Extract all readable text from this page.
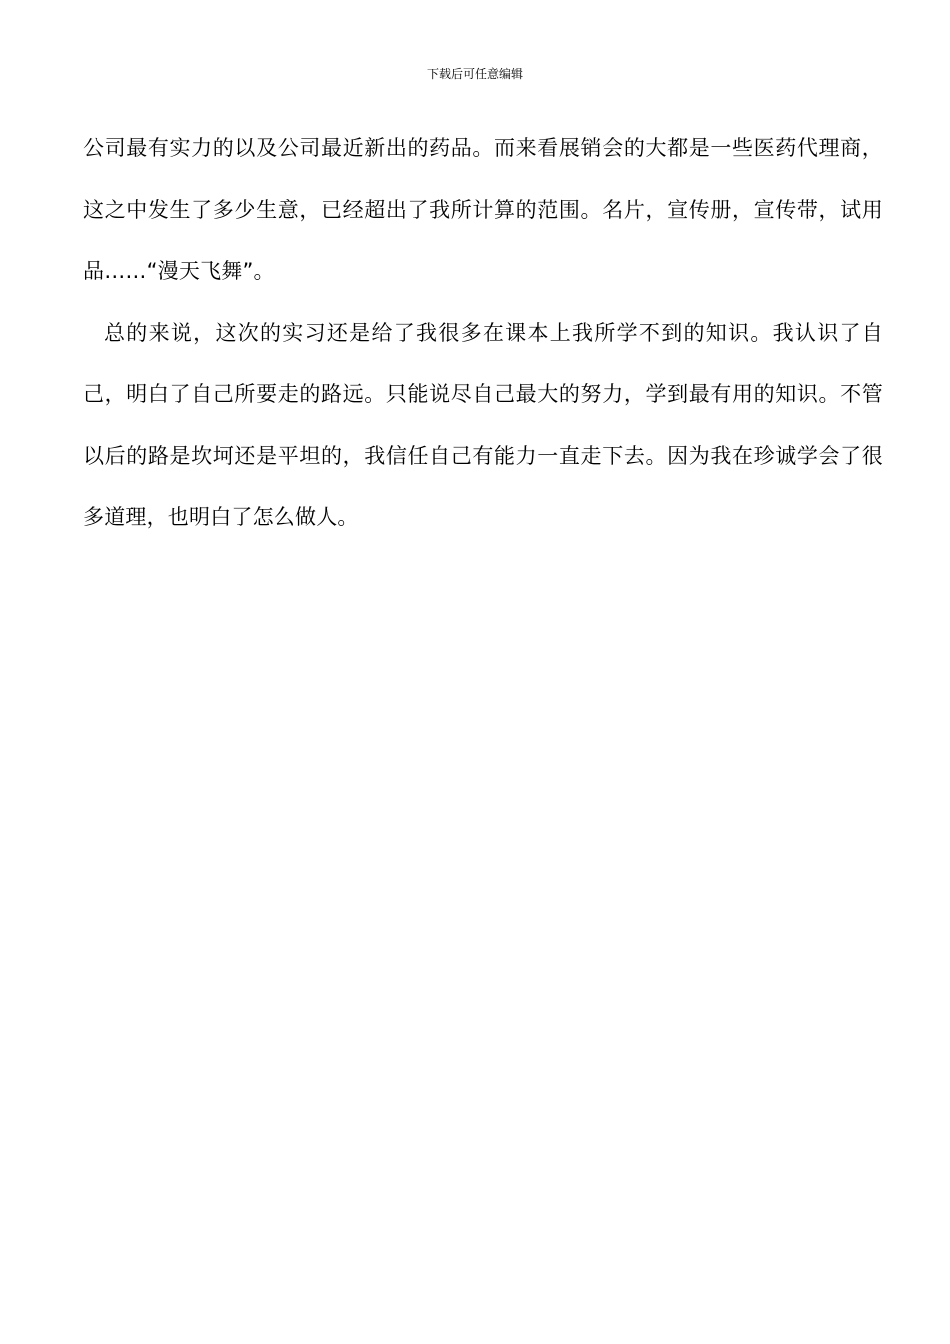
下载后可任意编辑

公司最有实力的以及公司最近新出的药品。而来看展销会的大都是一些医药代理商，这之中发生了多少生意，已经超出了我所计算的范围。名片，宣传册，宣传带，试用品……“漫天飞舞”。

总的来说，这次的实习还是给了我很多在课本上我所学不到的知识。我认识了自己，明白了自己所要走的路远。只能说尽自己最大的努力，学到最有用的知识。不管以后的路是坎坷还是平坦的，我信任自己有能力一直走下去。因为我在珍诚学会了很多道理，也明白了怎么做人。
